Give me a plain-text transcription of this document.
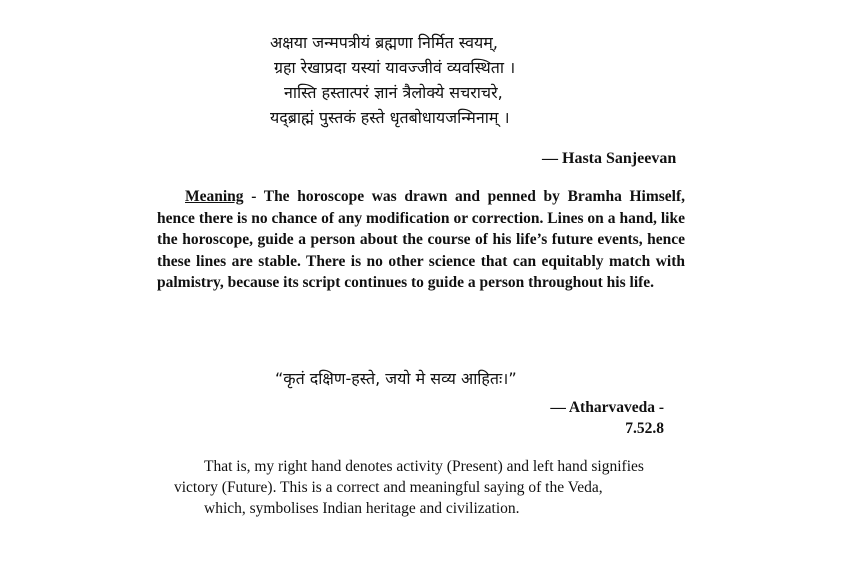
अक्षया जन्मपत्रीयं ब्रह्मणा निर्मित स्वयम्,
ग्रहा रेखाप्रदा यस्यां यावज्जीवं व्यवस्थिता ।
नास्ति हस्तात्परं ज्ञानं त्रैलोक्ये सचराचरे,
यद्ब्राह्मं पुस्तकं हस्ते धृतबोधायजन्मिनाम् ।
— Hasta Sanjeevan

Meaning - The horoscope was drawn and penned by Bramha Himself, hence there is no chance of any modification or correction. Lines on a hand, like the horoscope, guide a person about the course of his life’s future events, hence these lines are stable. There is no other science that can equitably match with palmistry, because its script continues to guide a person throughout his life.

“कृतं दक्षिण-हस्ते, जयो मे सव्य आहितः।”
— Atharvaveda -
7.52.8
That is, my right hand denotes activity (Present) and left hand signifies
victory (Future). This is a correct and meaningful saying of the Veda,
which, symbolises Indian heritage and civilization.
